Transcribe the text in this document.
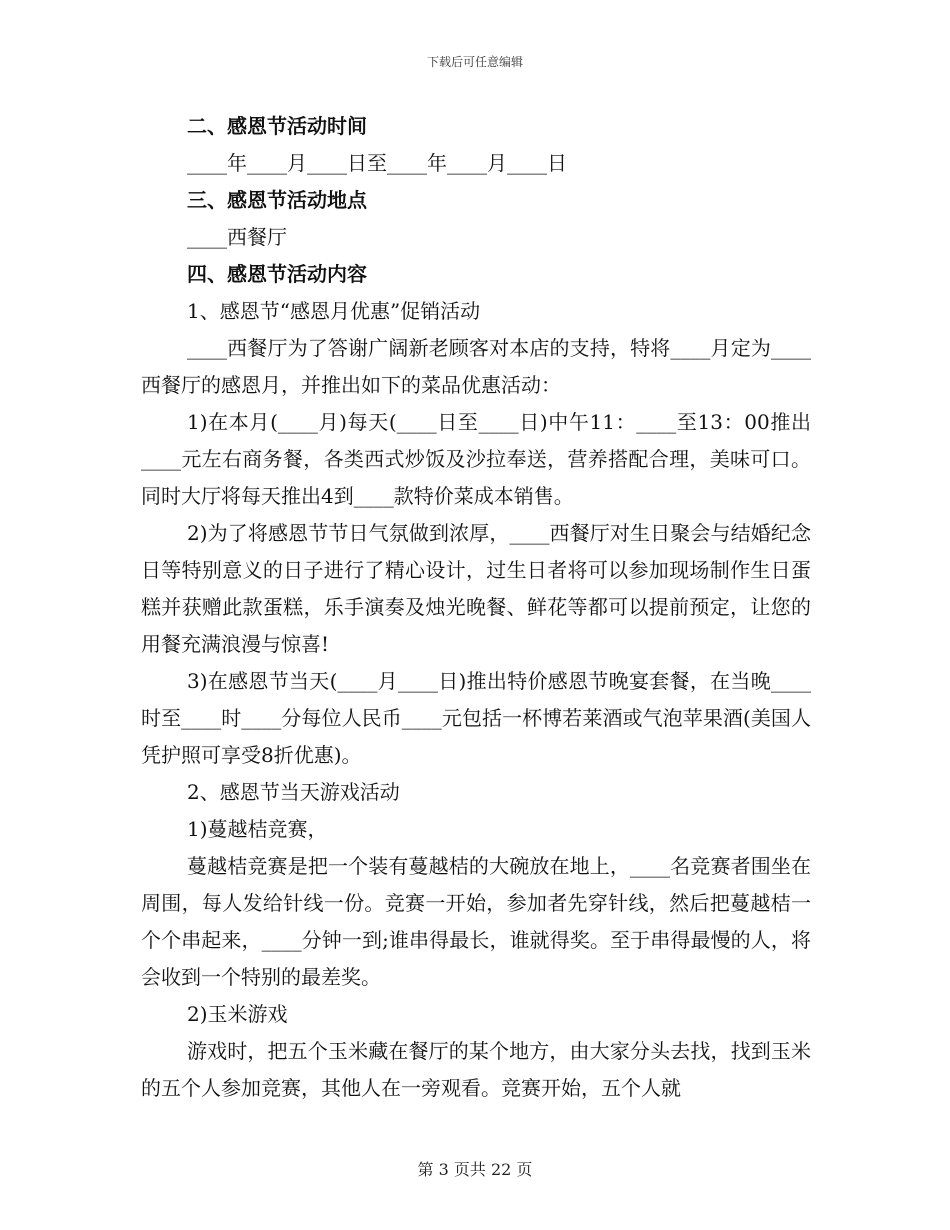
下载后可任意编辑

二、感恩节活动时间

____年____月____日至____年____月____日

三、感恩节活动地点

____西餐厅

四、感恩节活动内容

1、感恩节“感恩月优惠”促销活动

____西餐厅为了答谢广阔新老顾客对本店的支持，特将____月定为____西餐厅的感恩月，并推出如下的菜品优惠活动：

1)在本月(____月)每天(____日至____日)中午11：____至13：00推出____元左右商务餐，各类西式炒饭及沙拉奉送，营养搭配合理，美味可口。同时大厅将每天推出4到____款特价菜成本销售。

2)为了将感恩节节日气氛做到浓厚，____西餐厅对生日聚会与结婚纪念日等特别意义的日子进行了精心设计，过生日者将可以参加现场制作生日蛋糕并获赠此款蛋糕，乐手演奏及烛光晚餐、鲜花等都可以提前预定，让您的用餐充满浪漫与惊喜!

3)在感恩节当天(____月____日)推出特价感恩节晚宴套餐，在当晚____时至____时____分每位人民币____元包括一杯博若莱酒或气泡苹果酒(美国人凭护照可享受8折优惠)。

2、感恩节当天游戏活动

1)蔓越桔竞赛，

蔓越桔竞赛是把一个装有蔓越桔的大碗放在地上，____名竞赛者围坐在周围，每人发给针线一份。竞赛一开始，参加者先穿针线，然后把蔓越桔一个个串起来，____分钟一到;谁串得最长，谁就得奖。至于串得最慢的人，将会收到一个特别的最差奖。

2)玉米游戏

游戏时，把五个玉米藏在餐厅的某个地方，由大家分头去找，找到玉米的五个人参加竞赛，其他人在一旁观看。竞赛开始，五个人就

第 3 页共 22 页
